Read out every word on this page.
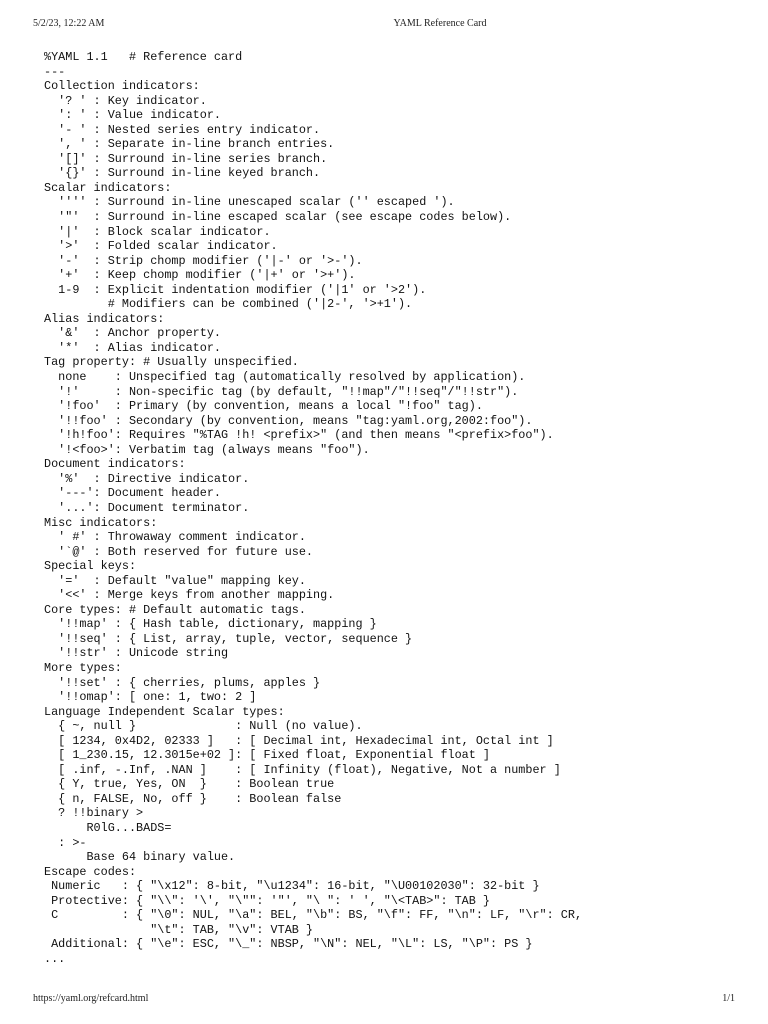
5/2/23, 12:22 AM	YAML Reference Card
%YAML 1.1   # Reference card
---
Collection indicators:
'? ' : Key indicator.
': ' : Value indicator.
'- ' : Nested series entry indicator.
', ' : Separate in-line branch entries.
'[]' : Surround in-line series branch.
'{}' : Surround in-line keyed branch.
Scalar indicators:
'''' : Surround in-line unescaped scalar ('' escaped ').
'"'  : Surround in-line escaped scalar (see escape codes below).
'|'  : Block scalar indicator.
'>'  : Folded scalar indicator.
'-'  : Strip chomp modifier ('|-' or '>-').
'+'  : Keep chomp modifier ('|+' or '>+').
1-9  : Explicit indentation modifier ('|1' or '>2').
# Modifiers can be combined ('|2-', '>+1').
Alias indicators:
'&'  : Anchor property.
'*'  : Alias indicator.
Tag property: # Usually unspecified.
none    : Unspecified tag (automatically resolved by application).
'!'     : Non-specific tag (by default, "!!map"/"!!seq"/"!!str").
'!foo'  : Primary (by convention, means a local "!foo" tag).
'!!foo' : Secondary (by convention, means "tag:yaml.org,2002:foo").
'!h!foo': Requires "%TAG !h! <prefix>" (and then means "<prefix>foo").
'!<foo>': Verbatim tag (always means "foo").
Document indicators:
'%'  : Directive indicator.
'---': Document header.
'...': Document terminator.
Misc indicators:
' #' : Throwaway comment indicator.
'`@' : Both reserved for future use.
Special keys:
'='  : Default "value" mapping key.
'<<' : Merge keys from another mapping.
Core types: # Default automatic tags.
'!!map' : { Hash table, dictionary, mapping }
'!!seq' : { List, array, tuple, vector, sequence }
'!!str' : Unicode string
More types:
'!!set' : { cherries, plums, apples }
'!!omap': [ one: 1, two: 2 ]
Language Independent Scalar types:
{ ~, null }              : Null (no value).
[ 1234, 0x4D2, 02333 ]   : [ Decimal int, Hexadecimal int, Octal int ]
[ 1_230.15, 12.3015e+02 ]: [ Fixed float, Exponential float ]
[ .inf, -.Inf, .NAN ]    : [ Infinity (float), Negative, Not a number ]
{ Y, true, Yes, ON  }    : Boolean true
{ n, FALSE, No, off }    : Boolean false
? !!binary >
R0lG...BADS=
: >-
Base 64 binary value.
Escape codes:
Numeric   : { "\x12": 8-bit, "\u1234": 16-bit, "\U00102030": 32-bit }
Protective: { "\\": '\', "\"": '"', "\ ": ' ', "\<TAB>": TAB }
C         : { "\0": NUL, "\a": BEL, "\b": BS, "\f": FF, "\n": LF, "\r": CR,
"\t": TAB, "\v": VTAB }
Additional: { "\e": ESC, "\_": NBSP, "\N": NEL, "\L": LS, "\P": PS }
...
https://yaml.org/refcard.html	1/1
